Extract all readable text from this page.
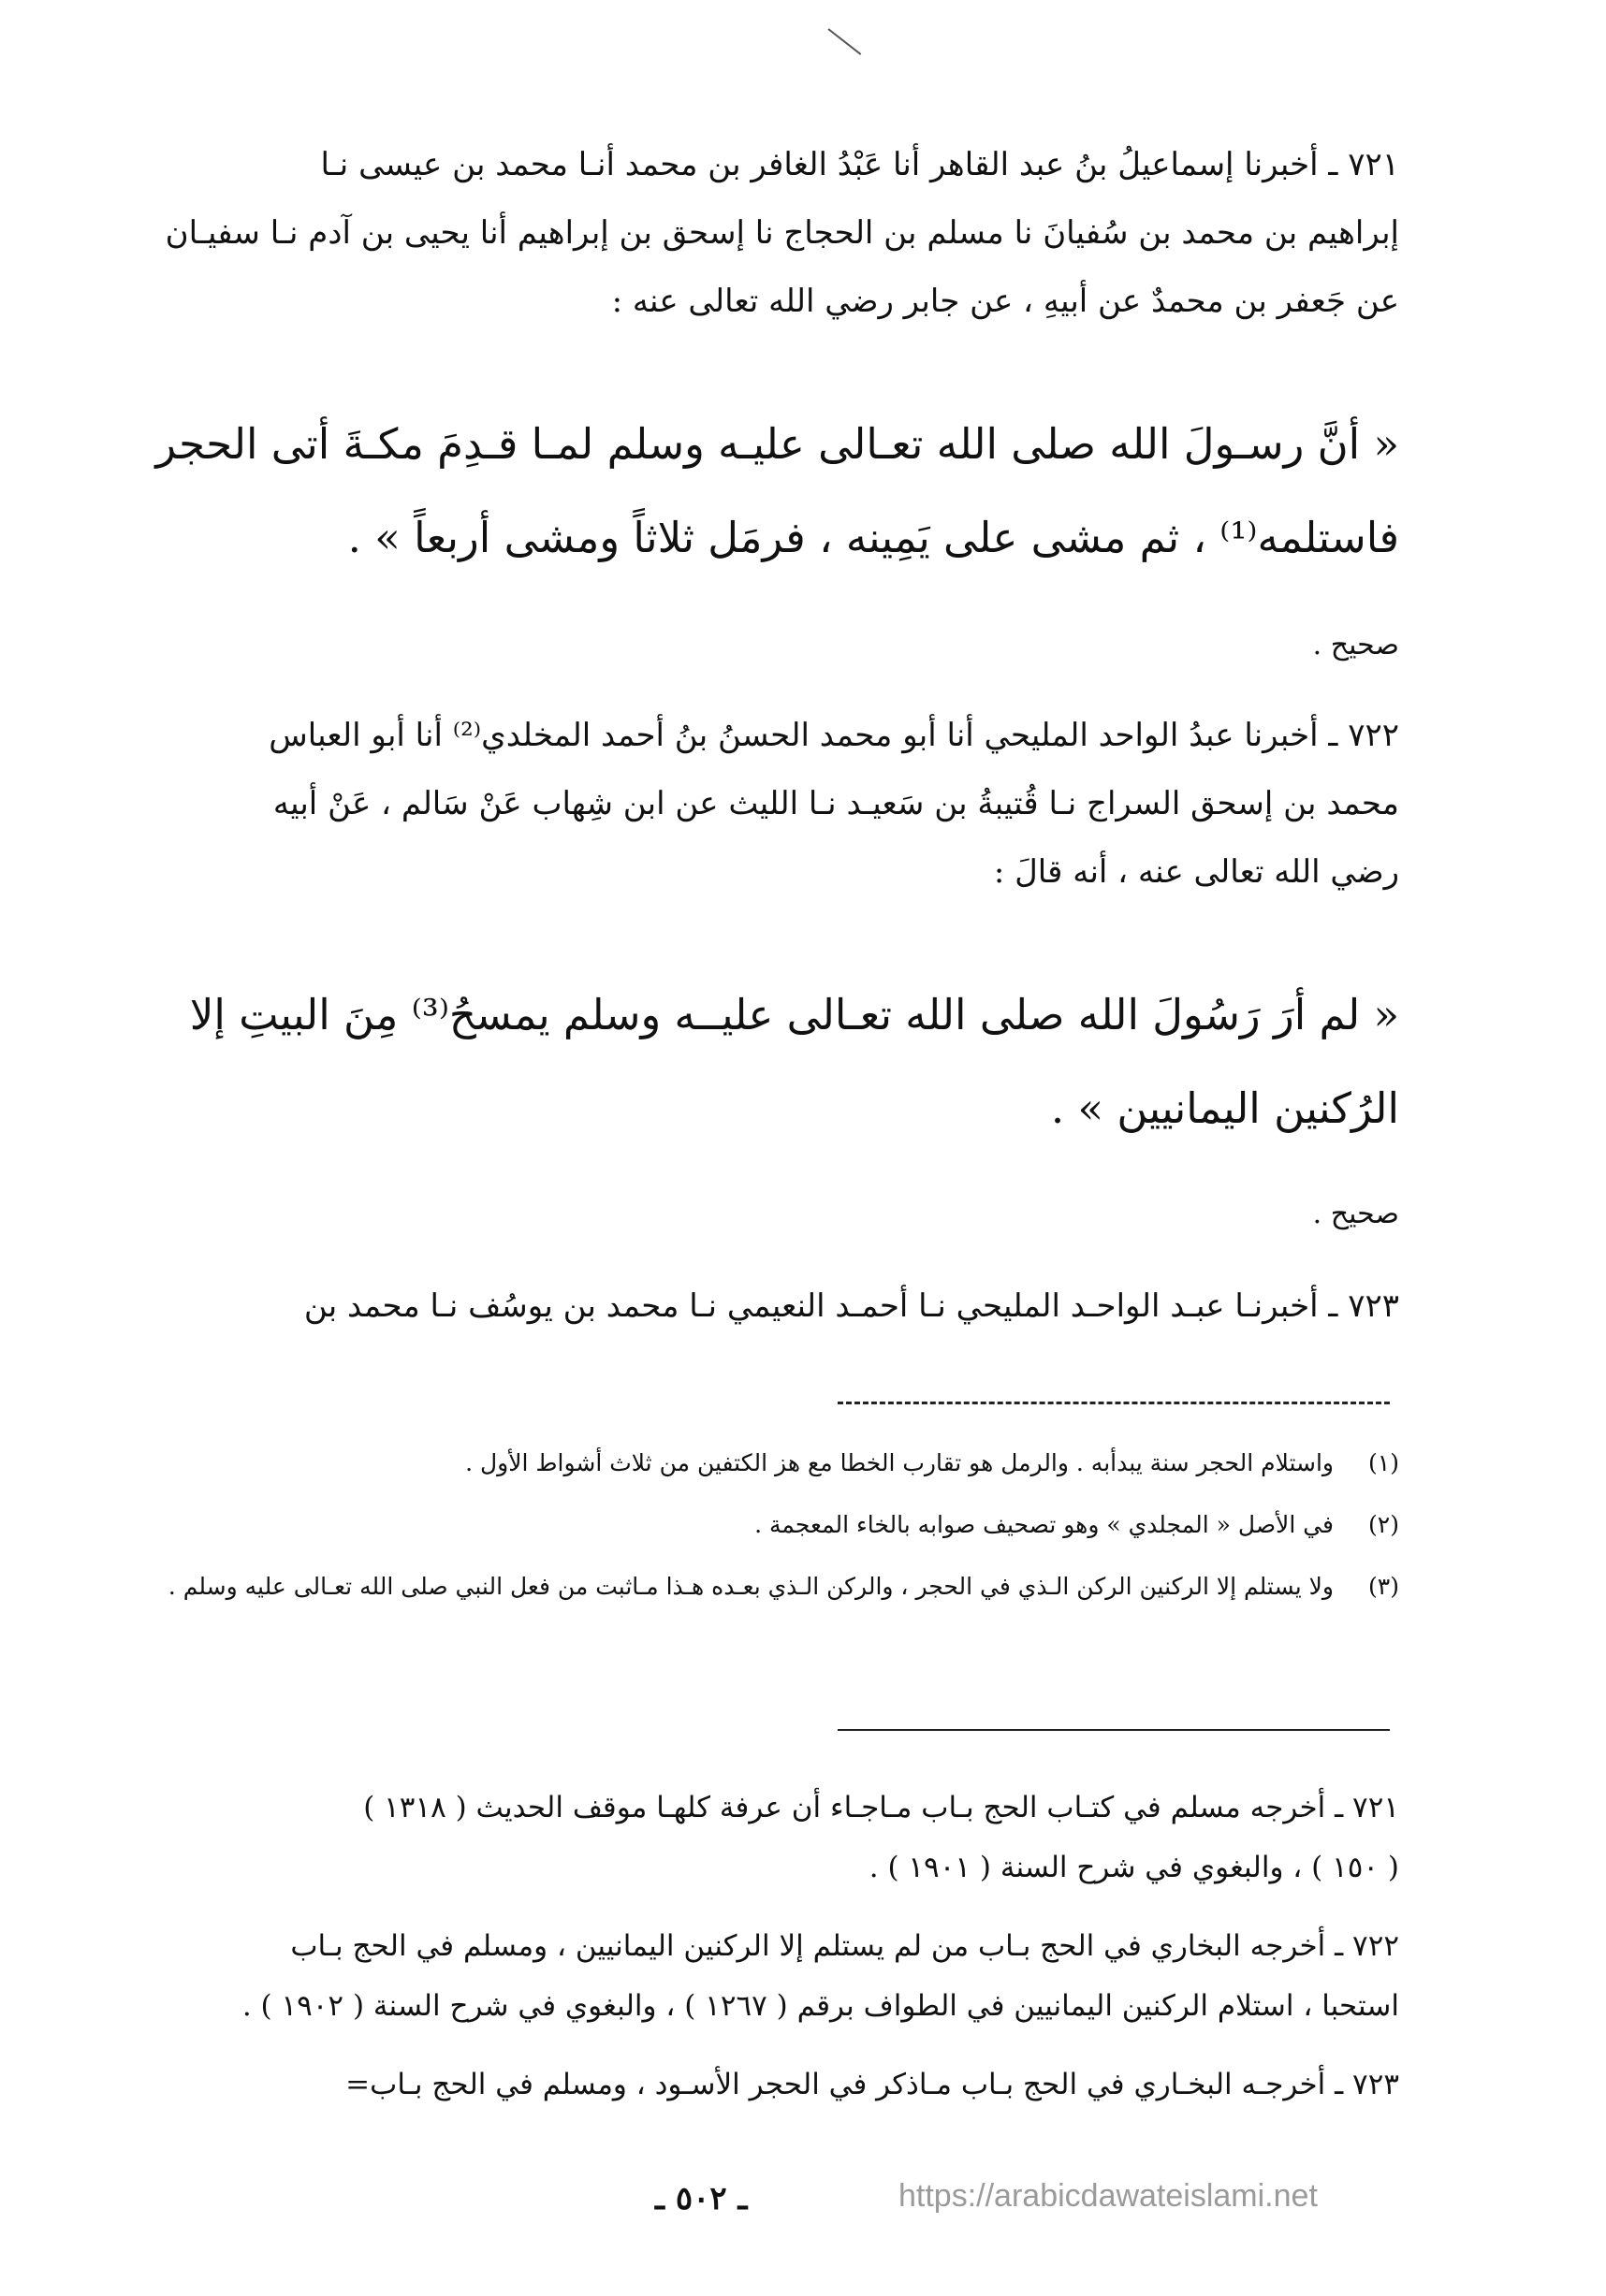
٧٢١ ـ أخبرنا إسماعيلُ بنُ عبد القاهر أنا عَبْدُ الغافر بن محمد أنـا محمد بن عيسى نـا
إبراهيم بن محمد بن سُفيانَ نا مسلم بن الحجاج نا إسحق بن إبراهيم أنا يحيى بن آدم نـا سفيـان
عن جَعفر بن محمدٌ عن أبيهِ ، عن جابر رضي الله تعالى عنه :
« أنَّ رسـولَ الله صلى الله تعـالى عليـه وسلم لمـا قـدِمَ مكـةَ أتى الحجر
فاستلمه⁽¹⁾ ، ثم مشى على يَمِينه ، فرمَل ثلاثاً ومشى أربعاً » .
صحيح .
٧٢٢ ـ أخبرنا عبدُ الواحد المليحي أنا أبو محمد الحسنُ بنُ أحمد المخلدي⁽²⁾ أنا أبو العباس
محمد بن إسحق السراج نـا قُتيبةُ بن سَعيـد نـا الليث عن ابن شِهاب عَنْ سَالم ، عَنْ أبيه
رضي الله تعالى عنه ، أنه قالَ :
« لم أرَ رَسُولَ الله صلى الله تعـالى عليــه وسلم يمسحُ⁽³⁾ مِنَ البيتِ إلا
الرُكنين اليمانيين » .
صحيح .
٧٢٣ ـ أخبرنـا عبـد الواحـد المليحي نـا أحمـد النعيمي نـا محمد بن يوسُف نـا محمد بن
(١)
واستلام الحجر سنة يبدأبه . والرمل هو تقارب الخطا مع هز الكتفين من ثلاث أشواط الأول .
(٢)
في الأصل « المجلدي » وهو تصحيف صوابه بالخاء المعجمة .
(٣)
ولا يستلم إلا الركنين الركن الـذي في الحجر ، والركن الـذي بعـده هـذا مـاثبت من فعل النبي صلى الله تعـالى عليه وسلم .

٧٢١ ـ أخرجه مسلم في كتـاب الحج بـاب مـاجـاء أن عرفة كلهـا موقف الحديث ( ١٣١٨ )
( ١٥٠ ) ، والبغوي في شرح السنة ( ١٩٠١ ) .

٧٢٢ ـ أخرجه البخاري في الحج بـاب من لم يستلم إلا الركنين اليمانيين ، ومسلم في الحج بـاب
استحبا ، استلام الركنين اليمانيين في الطواف برقم ( ١٢٦٧ ) ، والبغوي في شرح السنة ( ١٩٠٢ ) .

٧٢٣ ـ أخرجـه البخـاري في الحج بـاب مـاذكر في الحجر الأسـود ، ومسلم في الحج بـاب=

ـ ٥٠٢ ـ	https://arabicdawateislami.net
